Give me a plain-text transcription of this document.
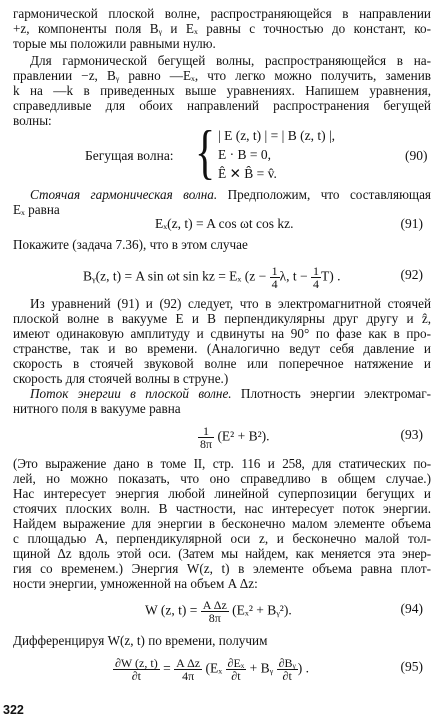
гармонической плоской волне, распространяющейся в направлении
+z, компоненты поля Bᵧ и Eₓ равны с точностью до констант, ко-
торые мы положили равными нулю.
Для гармонической бегущей волны, распространяющейся в на-
правлении −z, Bᵧ равно —Eₓ, что легко можно получить, заменив
k на —k в приведенных выше уравнениях. Напишем уравнения,
справедливые для обоих направлений распространения бегущей
волны:
Бегущая волна: { | E (z, t) | = | B (z, t) |,
E · B = 0,
Ê ✕ B̂ = v̂.
(90)
Стоячая гармоническая волна. Предположим, что составляющая
Eₓ равна
Eₓ(z, t) = A cos ωt cos kz.	(91)
Покажите (задача 7.36), что в этом случае
Bᵧ(z, t) = A sin ωt sin kz = Eₓ ($z - \frac{1}{4} \lambda$, $t - \frac{1}{4} T$) .	(92)
Из уравнений (91) и (92) следует, что в электромагнитной стоячей
плоской волне в вакууме E и B перпендикулярны друг другу и ẑ,
имеют одинаковую амплитуду и сдвинуты на 90° по фазе как в про-
странстве, так и во времени. (Аналогично ведут себя давление и
скорость в стоячей звуковой волне или поперечное натяжение и
скорость для стоячей волны в струне.)
Поток энергии в плоской волне. Плотность энергии электромаг-
нитного поля в вакууме равна
$\frac{1}{8\pi} (E^2 + B^2)$.	(93)
(Это выражение дано в томе II, стр. 116 и 258, для статических по-
лей, но можно показать, что оно справедливо в общем случае.)
Нас интересует энергия любой линейной суперпозиции бегущих и
стоячих плоских волн. В частности, нас интересует поток энергии.
Найдем выражение для энергии в бесконечно малом элементе объема
с площадью A, перпендикулярной оси z, и бесконечно малой тол-
щиной Δz вдоль этой оси. (Затем мы найдем, как меняется эта энер-
гия со временем.) Энергия W(z, t) в элементе объема равна плот-
ности энергии, умноженной на объем A Δz:
W (z, $t) = \frac{\text{A Δz}}{8\pi} (E_x^2$ + Bᵧ²).	(94)
Дифференцируя W(z, t) по времени, получим
$\frac{\partial W (z, t)}{\partial t} = \frac{\text{A Δz}}{4\pi} (E_x \frac{\text{∂Eₓ}}{\partial t}$ + Bᵧ $\frac{\text{∂Bᵧ}}{\partial t}$ ) .	(95)
322
